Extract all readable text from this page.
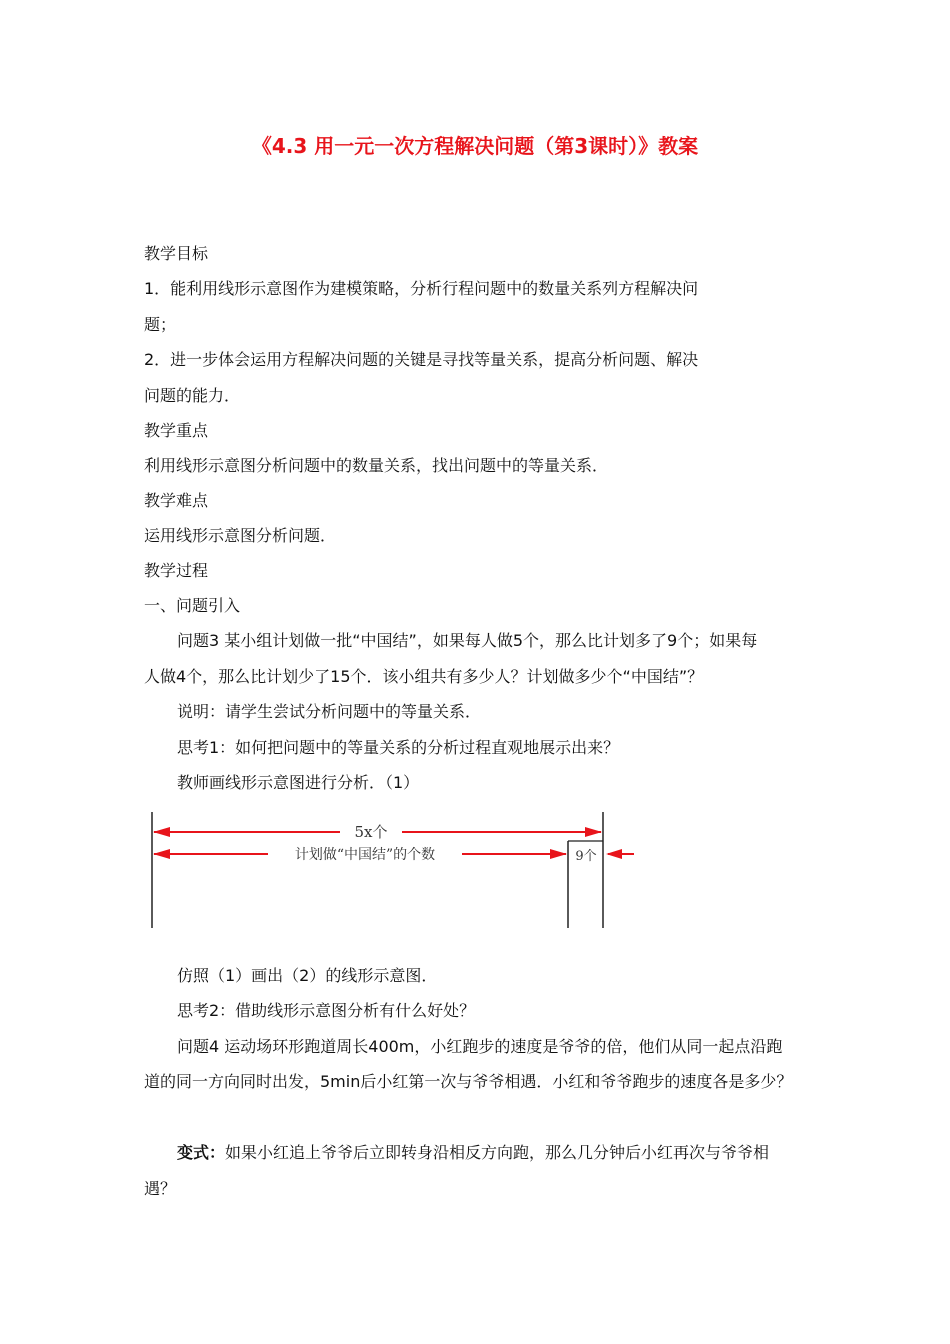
《4.3 用一元一次方程解决问题（第3课时）》教案
教学目标
1．能利用线形示意图作为建模策略，分析行程问题中的数量关系列方程解决问
题；
2．进一步体会运用方程解决问题的关键是寻找等量关系，提高分析问题、解决
问题的能力．
教学重点
利用线形示意图分析问题中的数量关系，找出问题中的等量关系．
教学难点
运用线形示意图分析问题．
教学过程
一、问题引入
问题3 某小组计划做一批“中国结”，如果每人做5个，那么比计划多了9个；如果每
人做4个，那么比计划少了15个．该小组共有多少人？计划做多少个“中国结”？
说明：请学生尝试分析问题中的等量关系．
思考1：如何把问题中的等量关系的分析过程直观地展示出来？
教师画线形示意图进行分析．（1）
5x个
计划做“中国结”的个数	9个
仿照（1）画出（2）的线形示意图．
思考2：借助线形示意图分析有什么好处？
问题4 运动场环形跑道周长400m，小红跑步的速度是爷爷的倍，他们从同一起点沿跑
道的同一方向同时出发，5min后小红第一次与爷爷相遇．小红和爷爷跑步的速度各是多少？
变式：如果小红追上爷爷后立即转身沿相反方向跑，那么几分钟后小红再次与爷爷相
遇？
